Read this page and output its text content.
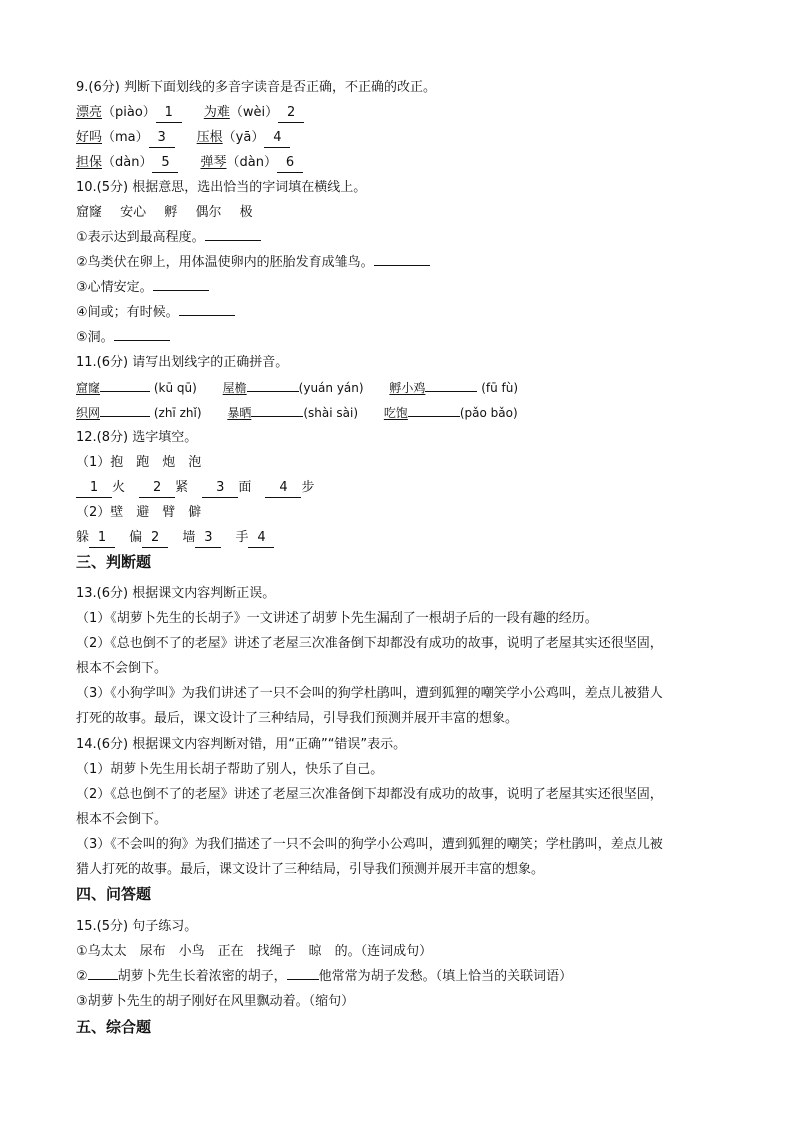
9.(6分) 判断下面划线的多音字读音是否正确，不正确的改正。
漂亮（piào） 1 为难（wèi） 2
好吗（ma） 3 压根（yā） 4
担保（dàn） 5 弹琴（dàn） 6
10.(5分) 根据意思，选出恰当的字词填在横线上。
窟窿 安心 孵 偶尔 极
①表示达到最高程度。
②鸟类伏在卵上，用体温使卵内的胚胎发育成雏鸟。
③心情安定。
④间或；有时候。
⑤洞。
11.(6分) 请写出划线字的正确拼音。
窟窿	(kū qū) 屋檐	(yuán yán) 孵小鸡	(fū fù)
织网	(zhī zhǐ) 暴晒	(shài sài) 吃饱	(pǎo bǎo)
12.(8分) 选字填空。
（1）抱　跑　炮　泡
1 火 2 紧 3 面 4 步
（2）壁　避　臂　僻
躲 1 偏 2 墙 3 手 4
三、判断题
13.(6分) 根据课文内容判断正误。
（1）《胡萝卜先生的长胡子》一文讲述了胡萝卜先生漏刮了一根胡子后的一段有趣的经历。
（2）《总也倒不了的老屋》讲述了老屋三次准备倒下却都没有成功的故事，说明了老屋其实还很坚固，
根本不会倒下。
（3）《小狗学叫》为我们讲述了一只不会叫的狗学杜鹃叫，遭到狐狸的嘲笑学小公鸡叫，差点儿被猎人
打死的故事。最后，课文设计了三种结局，引导我们预测并展开丰富的想象。
14.(6分) 根据课文内容判断对错，用“正确”“错误”表示。
（1）胡萝卜先生用长胡子帮助了别人，快乐了自己。
（2）《总也倒不了的老屋》讲述了老屋三次准备倒下却都没有成功的故事，说明了老屋其实还很坚固，
根本不会倒下。
（3）《不会叫的狗》为我们描述了一只不会叫的狗学小公鸡叫，遭到狐狸的嘲笑；学杜鹃叫，差点儿被
猎人打死的故事。最后，课文设计了三种结局，引导我们预测并展开丰富的想象。
四、问答题
15.(5分) 句子练习。
①乌太太　尿布　小鸟　正在　找绳子　晾　的。（连词成句）
② 胡萝卜先生长着浓密的胡子， 他常常为胡子发愁。（填上恰当的关联词语）
③胡萝卜先生的胡子刚好在风里飘动着。（缩句）
五、综合题
